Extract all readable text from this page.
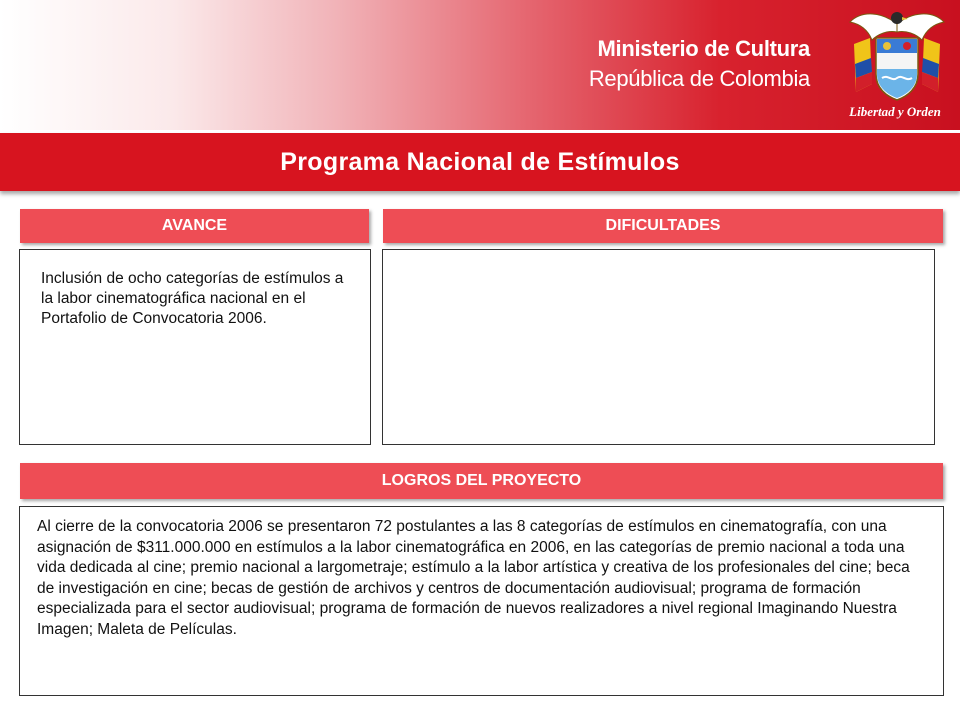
Ministerio de Cultura
República de Colombia
Libertad y Orden
Programa Nacional de Estímulos
AVANCE
Inclusión de ocho categorías de estímulos a la labor cinematográfica nacional en el Portafolio de Convocatoria 2006.
DIFICULTADES
LOGROS DEL PROYECTO
Al cierre de la convocatoria 2006 se presentaron 72 postulantes a las 8 categorías de estímulos en cinematografía, con una asignación de $311.000.000 en estímulos a la labor cinematográfica en 2006, en las categorías de premio nacional a toda una vida dedicada al cine; premio nacional a largometraje; estímulo a la labor artística y creativa de los profesionales del cine; beca de investigación en cine; becas de gestión de archivos y centros de documentación audiovisual; programa de formación especializada para el sector audiovisual; programa de formación de nuevos realizadores a nivel regional Imaginando Nuestra Imagen; Maleta de Películas.
